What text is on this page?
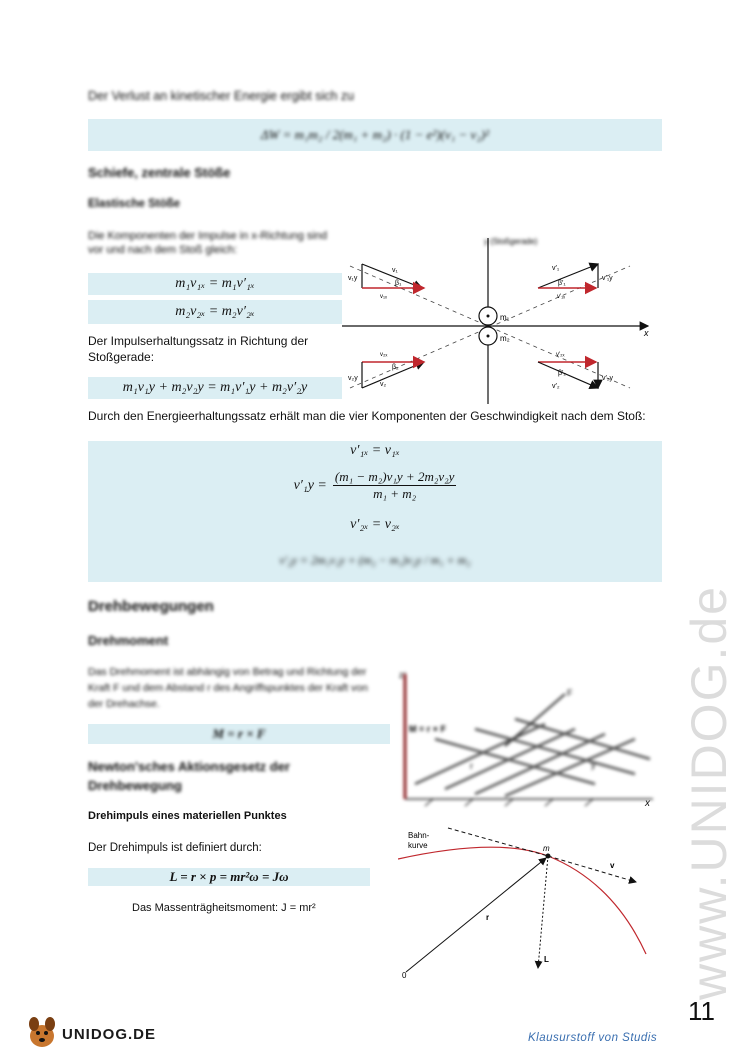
www.UNIDOG.de
Der Verlust an kinetischer Energie ergibt sich zu
ΔW = m₁m₂ / 2(m₁ + m₂) · (1 − e²)(v₁ − v₂)²
Schiefe, zentrale Stöße
Elastische Stöße
Die Komponenten der Impulse in x-Richtung sind vor und nach dem Stoß gleich:
m₁v₁ₓ = m₁v′₁ₓ
m₂v₂ₓ = m₂v′₂ₓ
Der Impulserhaltungssatz in Richtung der
Stoßgerade:
m₁v₁y + m₂v₂y = m₁v′₁y + m₂v′₂y
m₁
m₂
x
y (Stoßgerade)
v₁y
v₁
β₁
v₁ₓ
v′₁
β′₁
v′₁ₓ
v′₁y
v₂ₓ
β₂
v₂
v₂y
v′₂ₓ
β′₂
v′₂
v′₂y
Durch den Energieerhaltungssatz erhält man die vier Komponenten der Geschwindigkeit nach dem Stoß:
v′₁ₓ = v₁ₓ
$v'_1y = \frac{\text{(m₁ − m₂)v₁y + 2m₂v₂y}}{\text{m₁ + m₂}}$
v′₂ₓ = v₂ₓ
v′₂y = 2m₁v₁y + (m₂ − m₁)v₂y / m₁ + m₂
Drehbewegungen
Drehmoment
Das Drehmoment ist abhängig von Betrag und Richtung der Kraft F und dem Abstand r des Angriffspunktes der Kraft von der Drehachse.
M = r × F
Newton'sches Aktionsgesetz der Drehbewegung
z
M = r × F
F
r	y
x
Drehimpuls eines materiellen Punktes
Der Drehimpuls ist definiert durch:
L = r × p = mr²ω = Jω
Das Massenträgheitsmoment: J = mr²
Bahn-
kurve	m
v
r
0
L
11
UNIDOG.DE	Klausurstoff von Studis
